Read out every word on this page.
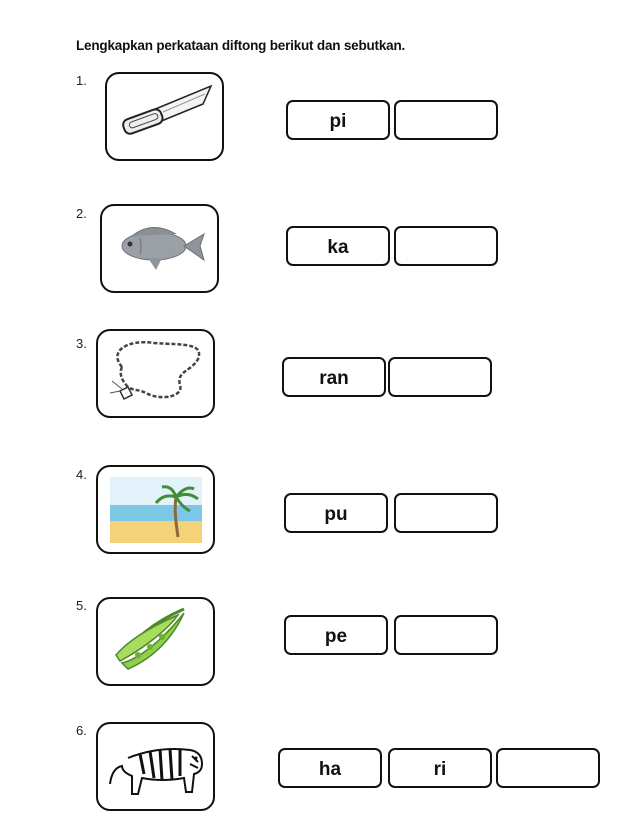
Lengkapkan perkataan diftong berikut dan sebutkan.
1.
pi
2.
ka
3.
ran
4.
pu
5.
pe
6.
ha	ri
